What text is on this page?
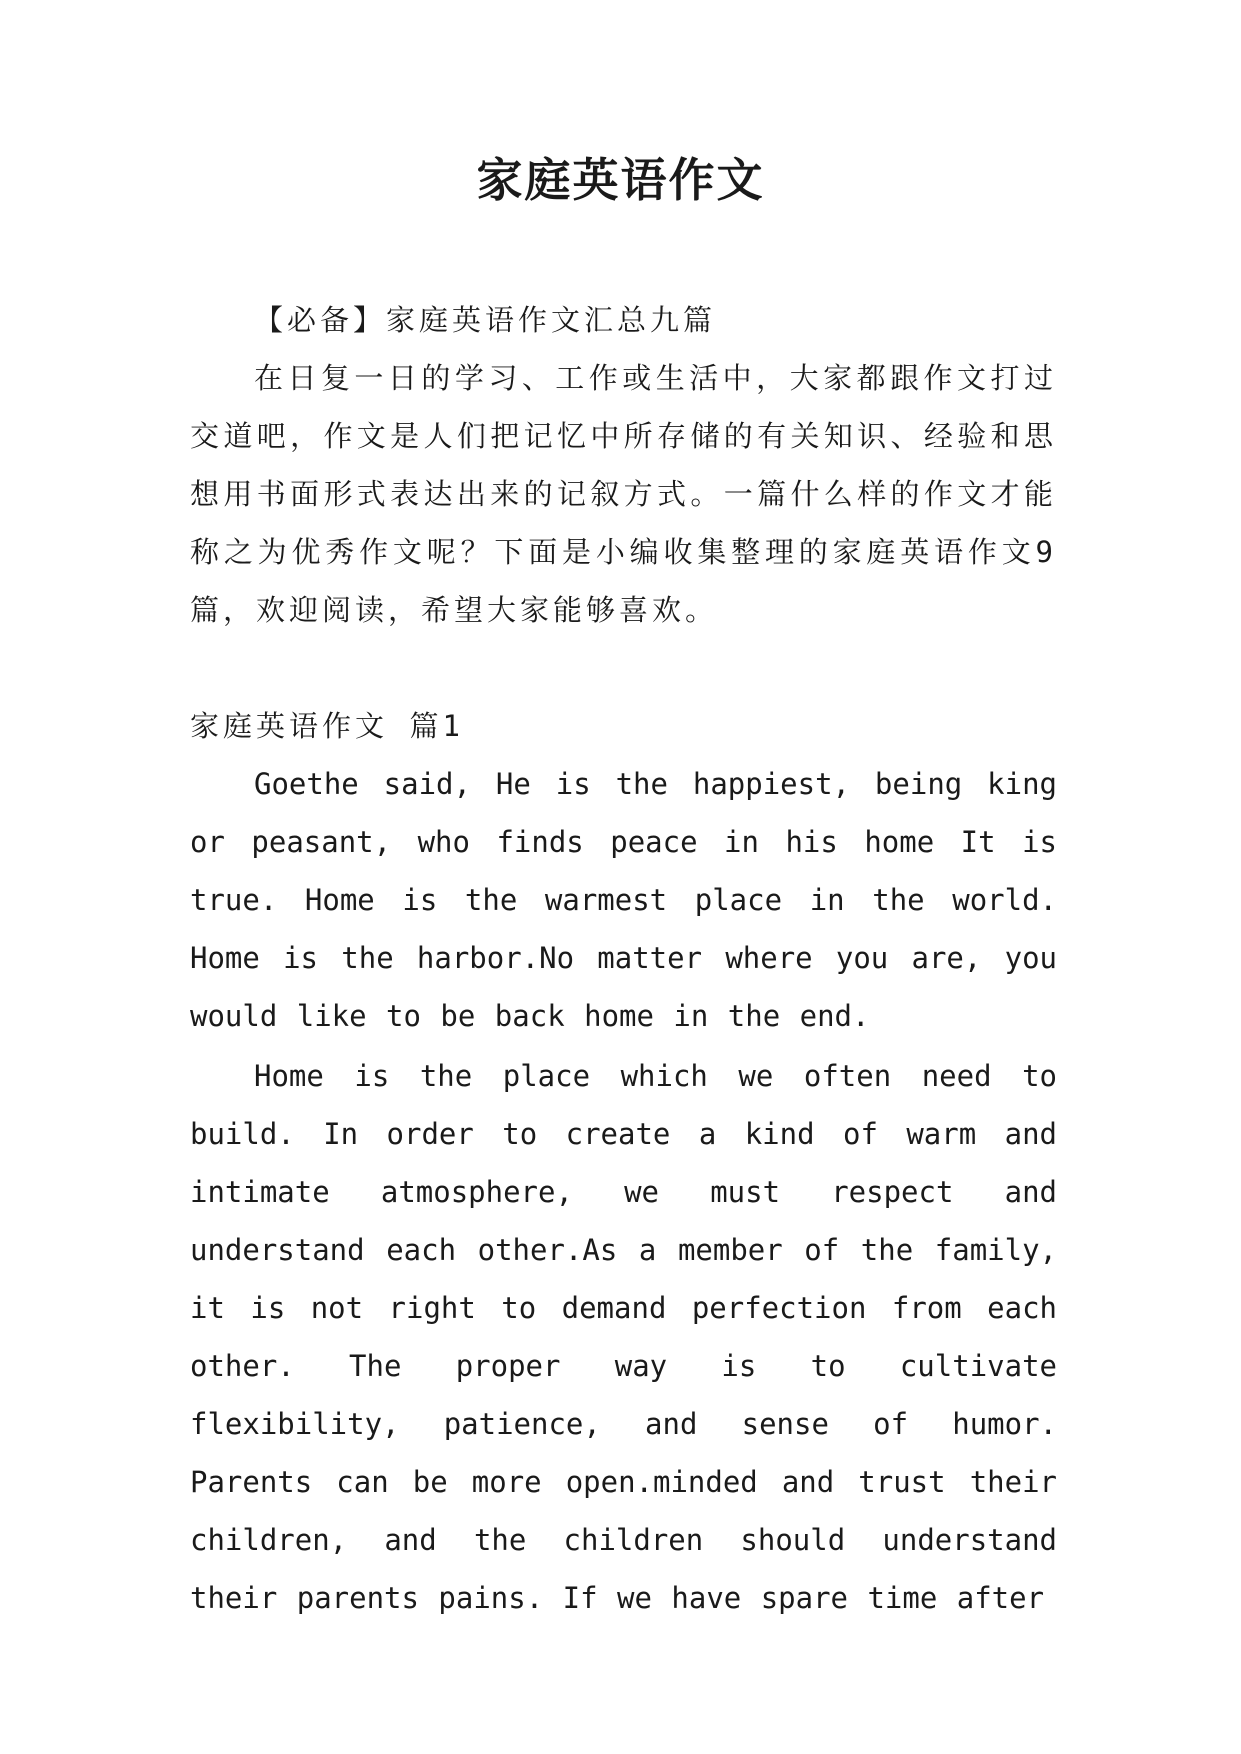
家庭英语作文

【必备】家庭英语作文汇总九篇

在日复一日的学习、工作或生活中，大家都跟作文打过交道吧，作文是人们把记忆中所存储的有关知识、经验和思想用书面形式表达出来的记叙方式。一篇什么样的作文才能称之为优秀作文呢？下面是小编收集整理的家庭英语作文9篇，欢迎阅读，希望大家能够喜欢。

家庭英语作文 篇1

Goethe said, He is the happiest, being king or peasant, who finds peace in his home It is true. Home is the warmest place in the world. Home is the harbor.No matter where you are, you would like to be back home in the end.

Home is the place which we often need to build. In order to create a kind of warm and intimate atmosphere, we must respect and understand each other.As a member of the family, it is not right to demand perfection from each other. The proper way is to cultivate flexibility, patience, and sense of humor. Parents can be more open.minded and trust their children, and the children should understand their parents pains. If we have spare time after
